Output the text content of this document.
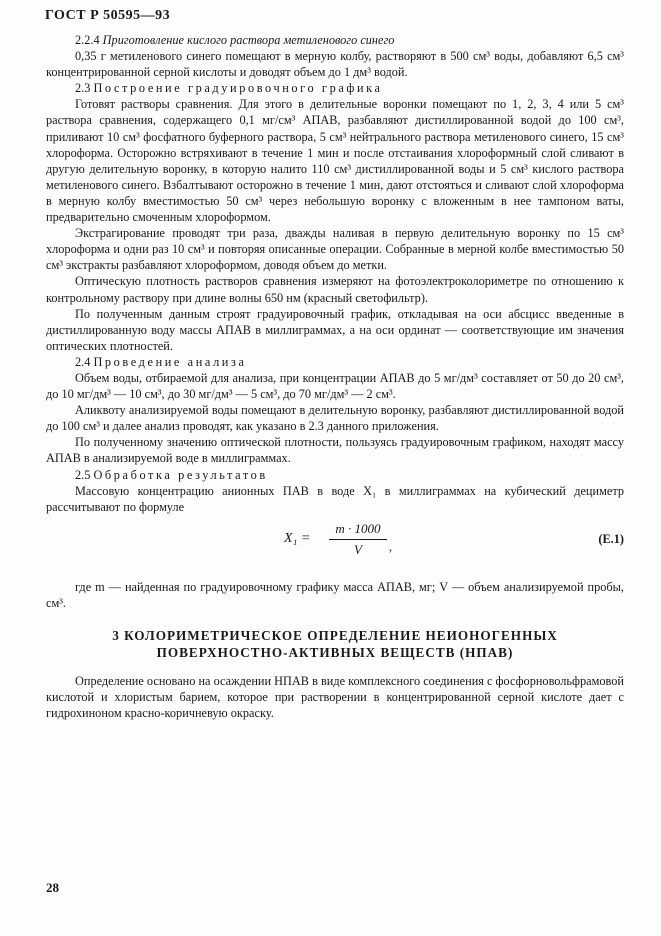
ГОСТ Р 50595—93

2.2.4 Приготовление кислого раствора метиленового синего

0,35 г метиленового синего помещают в мерную колбу, растворяют в 500 см³ воды, добавляют 6,5 см³ концентрированной серной кислоты и доводят объем до 1 дм³ водой.

2.3 Построение градуировочного графика

Готовят растворы сравнения. Для этого в делительные воронки помещают по 1, 2, 3, 4 или 5 см³ раствора сравнения, содержащего 0,1 мг/см³ АПАВ, разбавляют дистиллированной водой до 100 см³, приливают 10 см³ фосфатного буферного раствора, 5 см³ нейтрального раствора метиленового синего, 15 см³ хлороформа. Осторожно встряхивают в течение 1 мин и после отстаивания хлороформный слой сливают в другую делительную воронку, в которую налито 110 см³ дистиллированной воды и 5 см³ кислого раствора метиленового синего. Взбалтывают осторожно в течение 1 мин, дают отстояться и сливают слой хлороформа в мерную колбу вместимостью 50 см³ через небольшую воронку с вложенным в нее тампоном ваты, предварительно смоченным хлороформом.

Экстрагирование проводят три раза, дважды наливая в первую делительную воронку по 15 см³ хлороформа и одни раз 10 см³ и повторяя описанные операции. Собранные в мерной колбе вместимостью 50 см³ экстракты разбавляют хлороформом, доводя объем до метки.

Оптическую плотность растворов сравнения измеряют на фотоэлектроколориметре по отношению к контрольному раствору при длине волны 650 нм (красный светофильтр).

По полученным данным строят градуировочный график, откладывая на оси абсцисс введенные в дистиллированную воду массы АПАВ в миллиграммах, а на оси ординат — соответствующие им значения оптических плотностей.

2.4 Проведение анализа

Объем воды, отбираемой для анализа, при концентрации АПАВ до 5 мг/дм³ составляет от 50 до 20 см³, до 10 мг/дм³ — 10 см³, до 30 мг/дм³ — 5 см³, до 70 мг/дм³ — 2 см³.

Аликвоту анализируемой воды помещают в делительную воронку, разбавляют дистиллированной водой до 100 см³ и далее анализ проводят, как указано в 2.3 данного приложения.

По полученному значению оптической плотности, пользуясь градуировочным графиком, находят массу АПАВ в анализируемой воде в миллиграммах.

2.5 Обработка результатов

Массовую концентрацию анионных ПАВ в воде X₁ в миллиграммах на кубический дециметр рассчитывают по формуле

$X_1 = \frac{m \cdot 1000}{V}$ ,
(Е.1)

где m — найденная по градуировочному графику масса АПАВ, мг; V — объем анализируемой пробы, см³.

3 КОЛОРИМЕТРИЧЕСКОЕ ОПРЕДЕЛЕНИЕ НЕИОНОГЕННЫХ ПОВЕРХНОСТНО-АКТИВНЫХ ВЕЩЕСТВ (НПАВ)

Определение основано на осаждении НПАВ в виде комплексного соединения с фосфорновольфрамовой кислотой и хлористым барием, которое при растворении в концентрированной серной кислоте дает с гидрохиноном красно-коричневую окраску.

28
